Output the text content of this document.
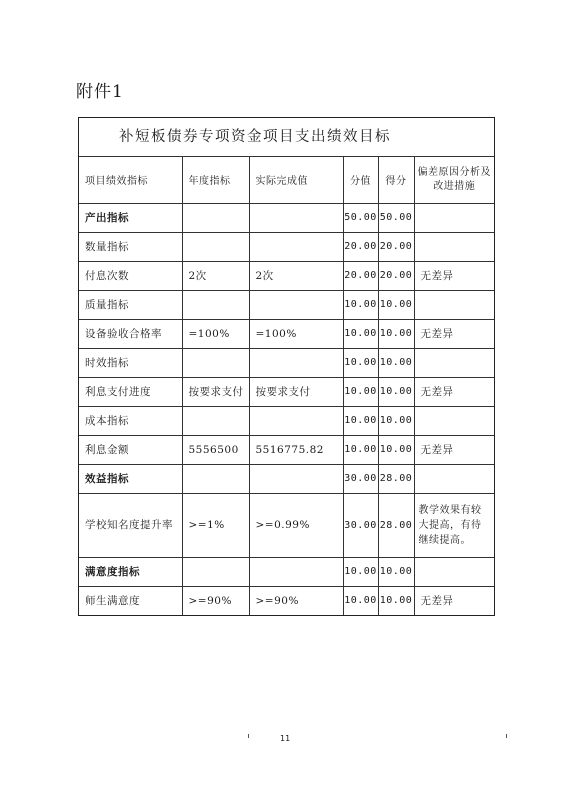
附件1
补短板债券专项资金项目支出绩效目标
项目绩效指标	年度指标	实际完成值	分值	得分	偏差原因分析及改进措施
产出指标			50.00	50.00	
数量指标			20.00	20.00	
付息次数	2次	2次	20.00	20.00	无差异
质量指标			10.00	10.00	
设备验收合格率	=100%	=100%	10.00	10.00	无差异
时效指标			10.00	10.00	
利息支付进度	按要求支付	按要求支付	10.00	10.00	无差异
成本指标			10.00	10.00	
利息金额	5556500	5516775.82	10.00	10.00	无差异
效益指标			30.00	28.00	
学校知名度提升率	>=1%	>=0.99%	30.00	28.00	教学效果有较大提高，有待继续提高。
满意度指标			10.00	10.00	
师生满意度	>=90%	>=90%	10.00	10.00	无差异
11
